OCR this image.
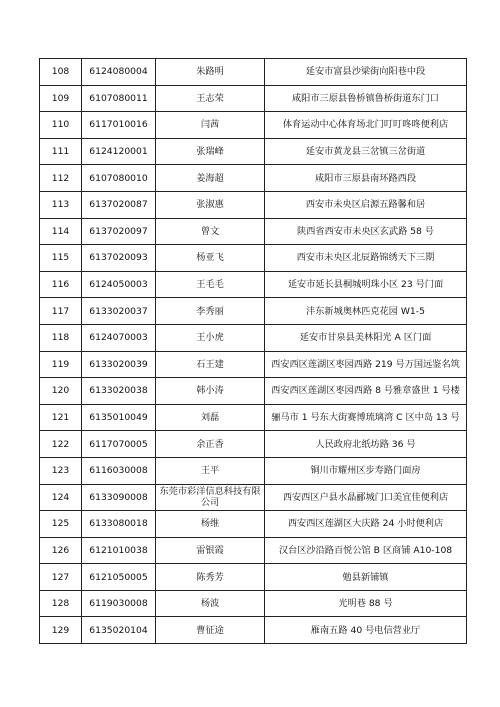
108	6124080004	朱路明	延安市富县沙梁街向阳巷中段
109	6107080011	王志荣	咸阳市三原县鲁桥镇鲁桥街道东门口
110	6117010016	闫茜	体育运动中心体育场北门叮叮咚咚便利店
111	6124120001	张瑞峰	延安市黄龙县三岔镇三岔街道
112	6107080010	姜海超	咸阳市三原县南环路西段
113	6137020087	张淑惠	西安市未央区启源五路馨和居
114	6137020097	曾文	陕西省西安市未央区玄武路 58 号
115	6137020093	杨亚飞	西安市未央区北辰路锦绣天下三期
116	6124050003	王毛毛	延安市延长县桐城明珠小区 23 号门面
117	6133020037	李秀丽	沣东新城奥林匹克花园 W1-5
118	6124070003	王小虎	延安市甘泉县美林阳光 A 区门面
119	6133020039	石王建	西安西区莲湖区枣园西路 219 号万国远鉴名筑
120	6133020038	韩小涛	西安西区莲湖区枣园西路 8 号雅章盛世 1 号楼
121	6135010049	刘磊	骊马市 1 号东大街赛博琉璃湾 C 区中岛 13 号
122	6117070005	余正香	人民政府北纸坊路 36 号
123	6116030008	王平	铜川市耀州区步寿路门面房
124	6133090008	东莞市彩洋信息科技有限公司	西安西区户县水晶郦城门口美宜佳便利店
125	6133080018	杨维	西安西区莲湖区大庆路 24 小时便利店
126	6121010038	雷银霞	汉台区沙沿路百悦公馆 B 区商铺 A10-108
127	6121050005	陈秀芳	勉县新铺镇
128	6119030008	杨波	光明巷 88 号
129	6135020104	曹征途	雁南五路 40 号电信营业厅
